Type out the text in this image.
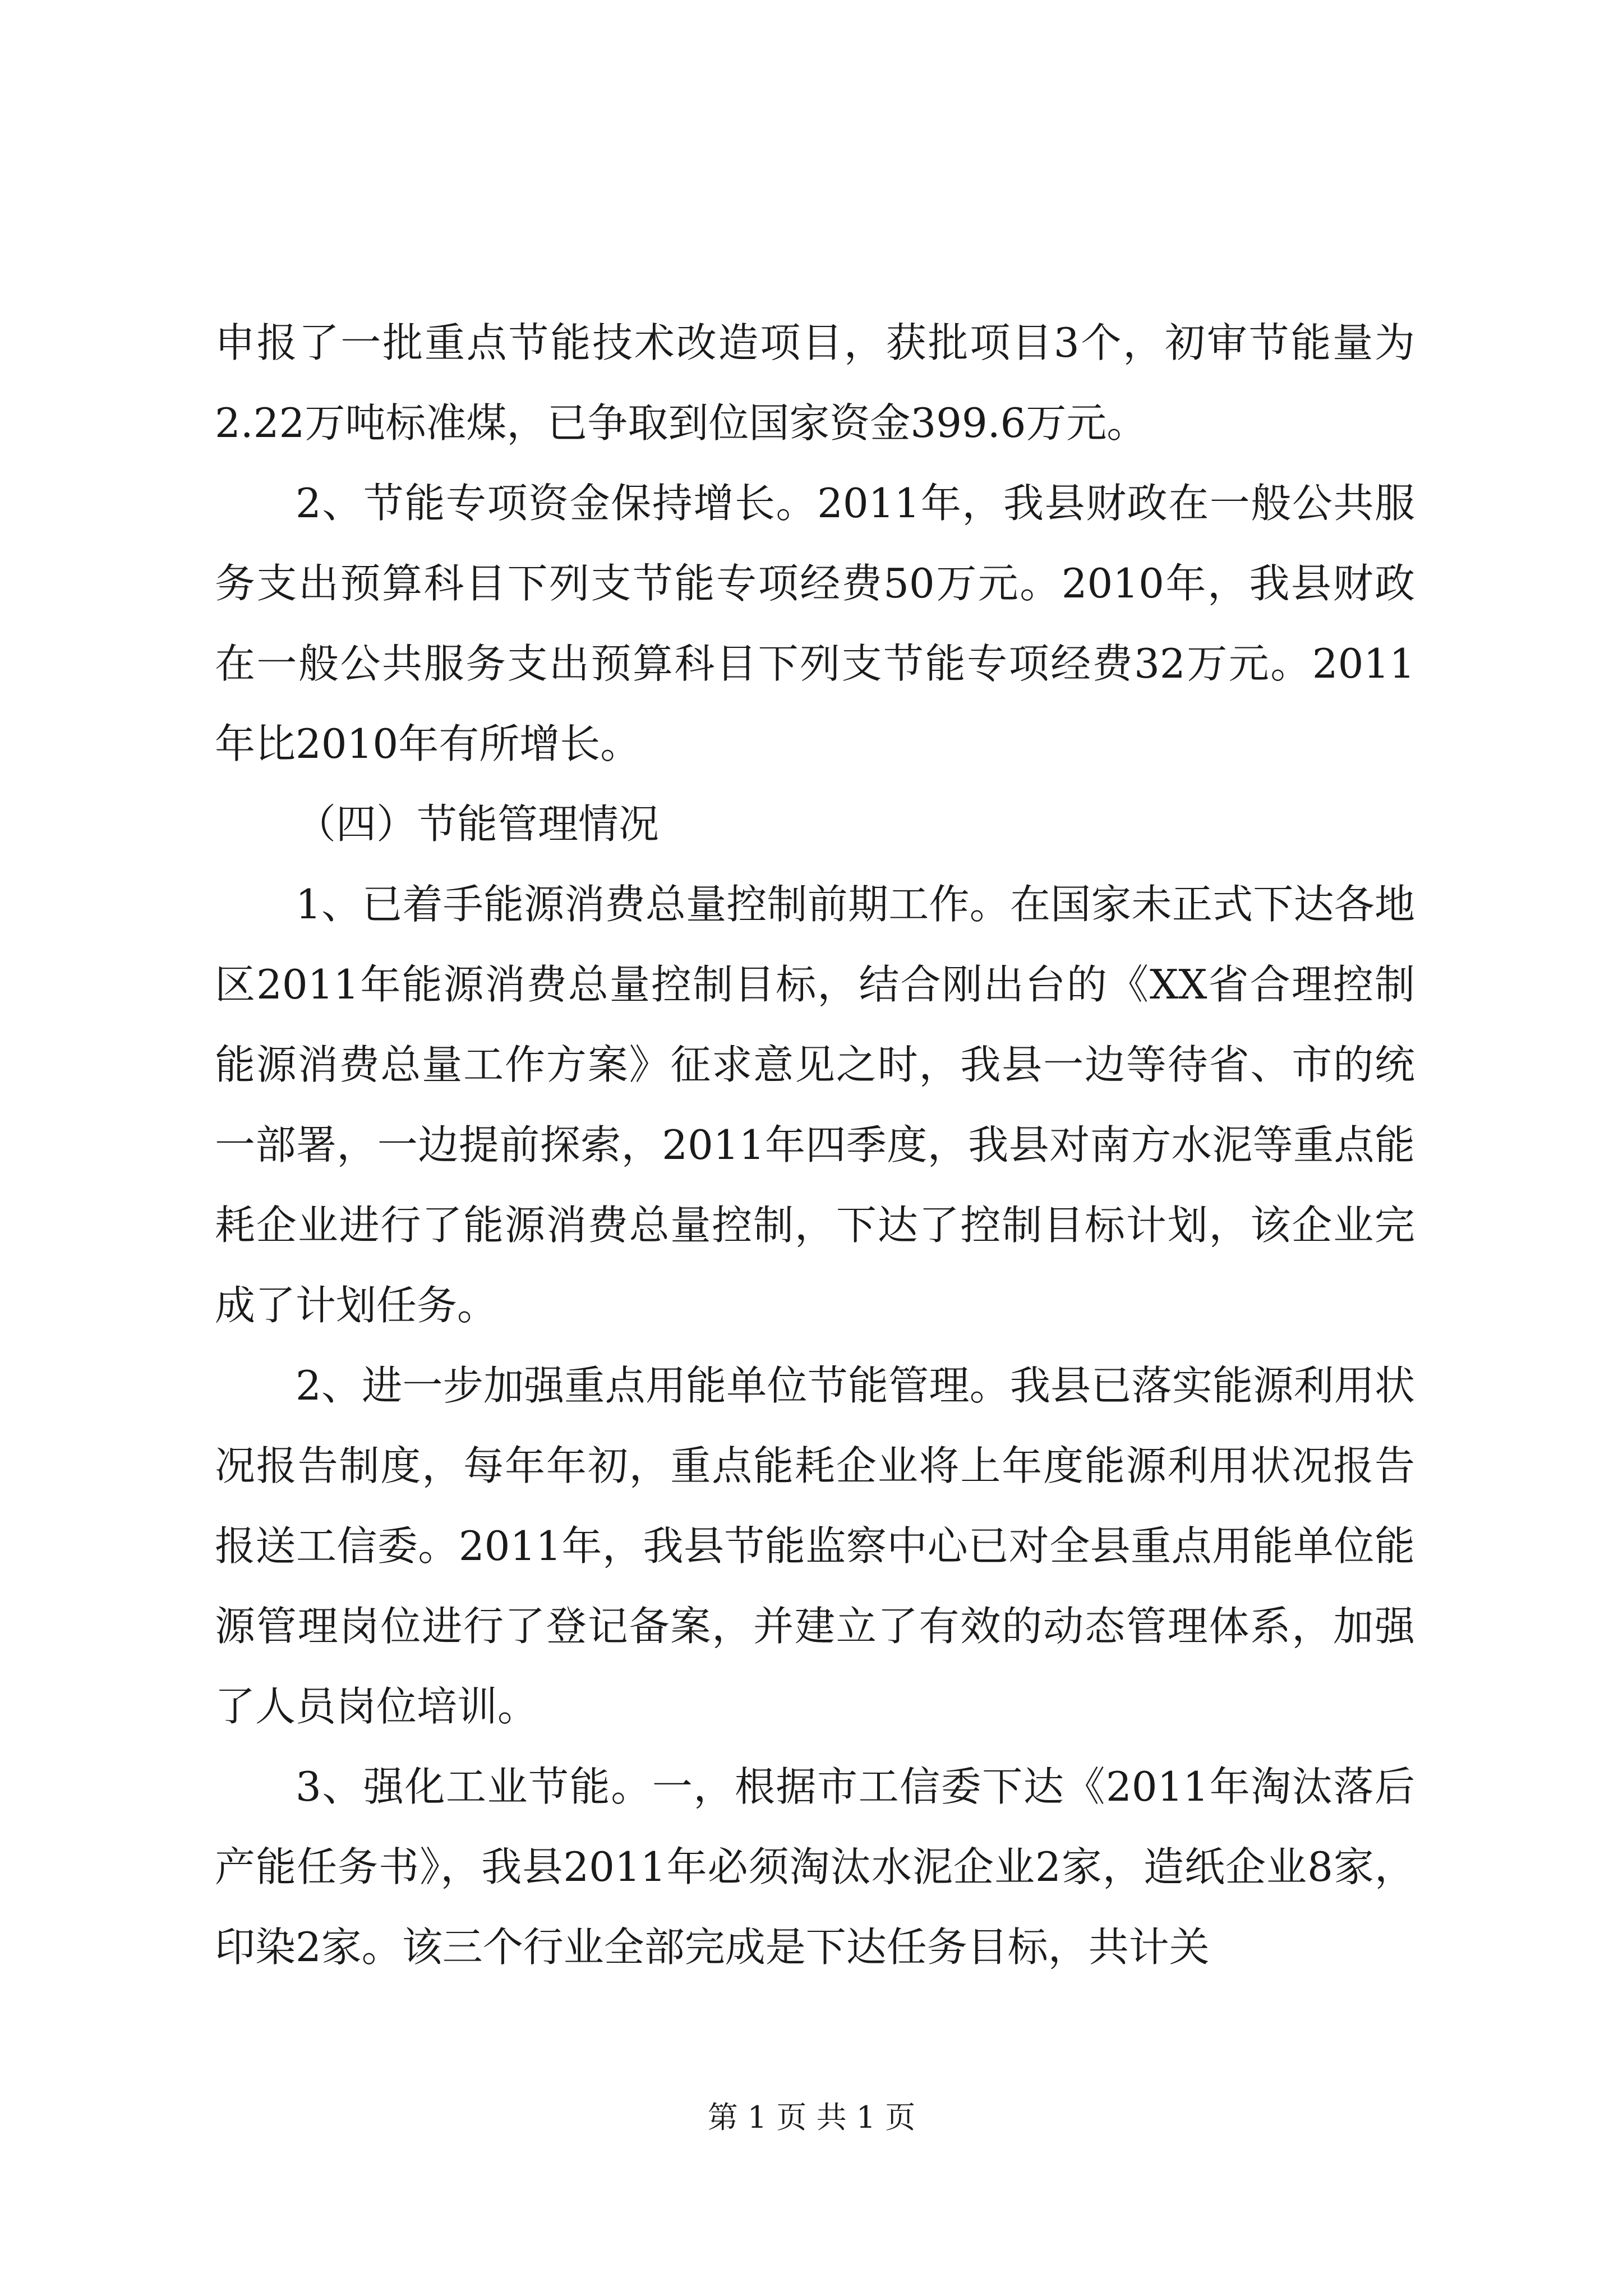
申报了一批重点节能技术改造项目，获批项目3个，初审节能量为2.22万吨标准煤，已争取到位国家资金399.6万元。

2、节能专项资金保持增长。2011年，我县财政在一般公共服务支出预算科目下列支节能专项经费50万元。2010年，我县财政在一般公共服务支出预算科目下列支节能专项经费32万元。2011年比2010年有所增长。

（四）节能管理情况

1、已着手能源消费总量控制前期工作。在国家未正式下达各地区2011年能源消费总量控制目标，结合刚出台的《XX省合理控制能源消费总量工作方案》征求意见之时，我县一边等待省、市的统一部署，一边提前探索，2011年四季度，我县对南方水泥等重点能耗企业进行了能源消费总量控制，下达了控制目标计划，该企业完成了计划任务。

2、进一步加强重点用能单位节能管理。我县已落实能源利用状况报告制度，每年年初，重点能耗企业将上年度能源利用状况报告报送工信委。2011年，我县节能监察中心已对全县重点用能单位能源管理岗位进行了登记备案，并建立了有效的动态管理体系，加强了人员岗位培训。

3、强化工业节能。一，根据市工信委下达《2011年淘汰落后产能任务书》，我县2011年必须淘汰水泥企业2家，造纸企业8家，印染2家。该三个行业全部完成是下达任务目标，共计关

第 1 页 共 1 页
